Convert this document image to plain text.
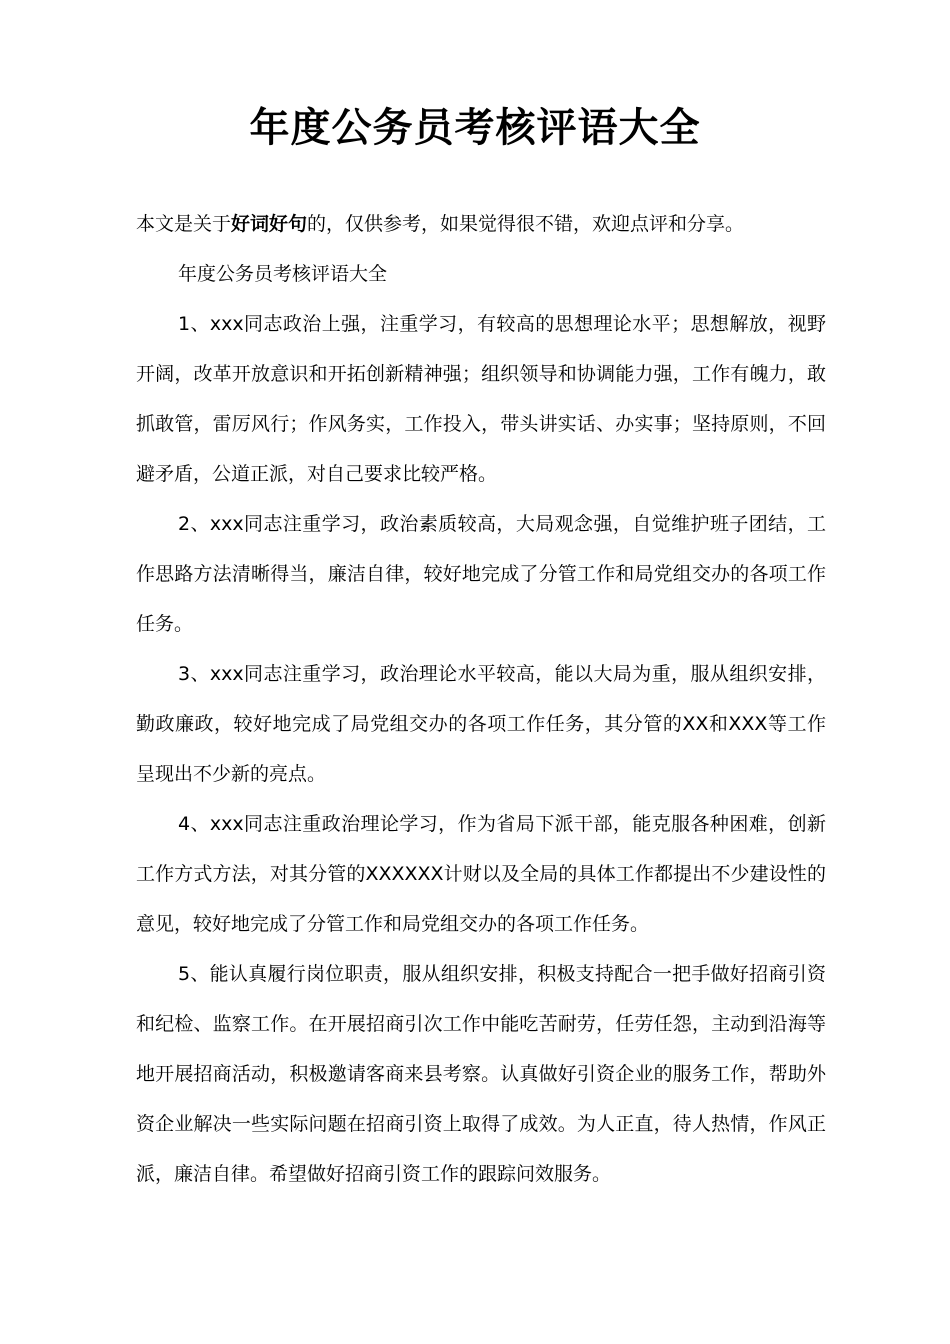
年度公务员考核评语大全
本文是关于好词好句的，仅供参考，如果觉得很不错，欢迎点评和分享。
年度公务员考核评语大全

1、xxx同志政治上强，注重学习，有较高的思想理论水平；思想解放，视野开阔，改革开放意识和开拓创新精神强；组织领导和协调能力强，工作有魄力，敢抓敢管，雷厉风行；作风务实，工作投入，带头讲实话、办实事；坚持原则，不回避矛盾，公道正派，对自己要求比较严格。

2、xxx同志注重学习，政治素质较高，大局观念强，自觉维护班子团结，工作思路方法清晰得当，廉洁自律，较好地完成了分管工作和局党组交办的各项工作任务。

3、xxx同志注重学习，政治理论水平较高，能以大局为重，服从组织安排，勤政廉政，较好地完成了局党组交办的各项工作任务，其分管的XX和XXX等工作呈现出不少新的亮点。

4、xxx同志注重政治理论学习，作为省局下派干部，能克服各种困难，创新工作方式方法，对其分管的XXXXXX计财以及全局的具体工作都提出不少建设性的意见，较好地完成了分管工作和局党组交办的各项工作任务。

5、能认真履行岗位职责，服从组织安排，积极支持配合一把手做好招商引资和纪检、监察工作。在开展招商引次工作中能吃苦耐劳，任劳任怨，主动到沿海等地开展招商活动，积极邀请客商来县考察。认真做好引资企业的服务工作，帮助外资企业解决一些实际问题在招商引资上取得了成效。为人正直，待人热情，作风正派，廉洁自律。希望做好招商引资工作的跟踪问效服务。
